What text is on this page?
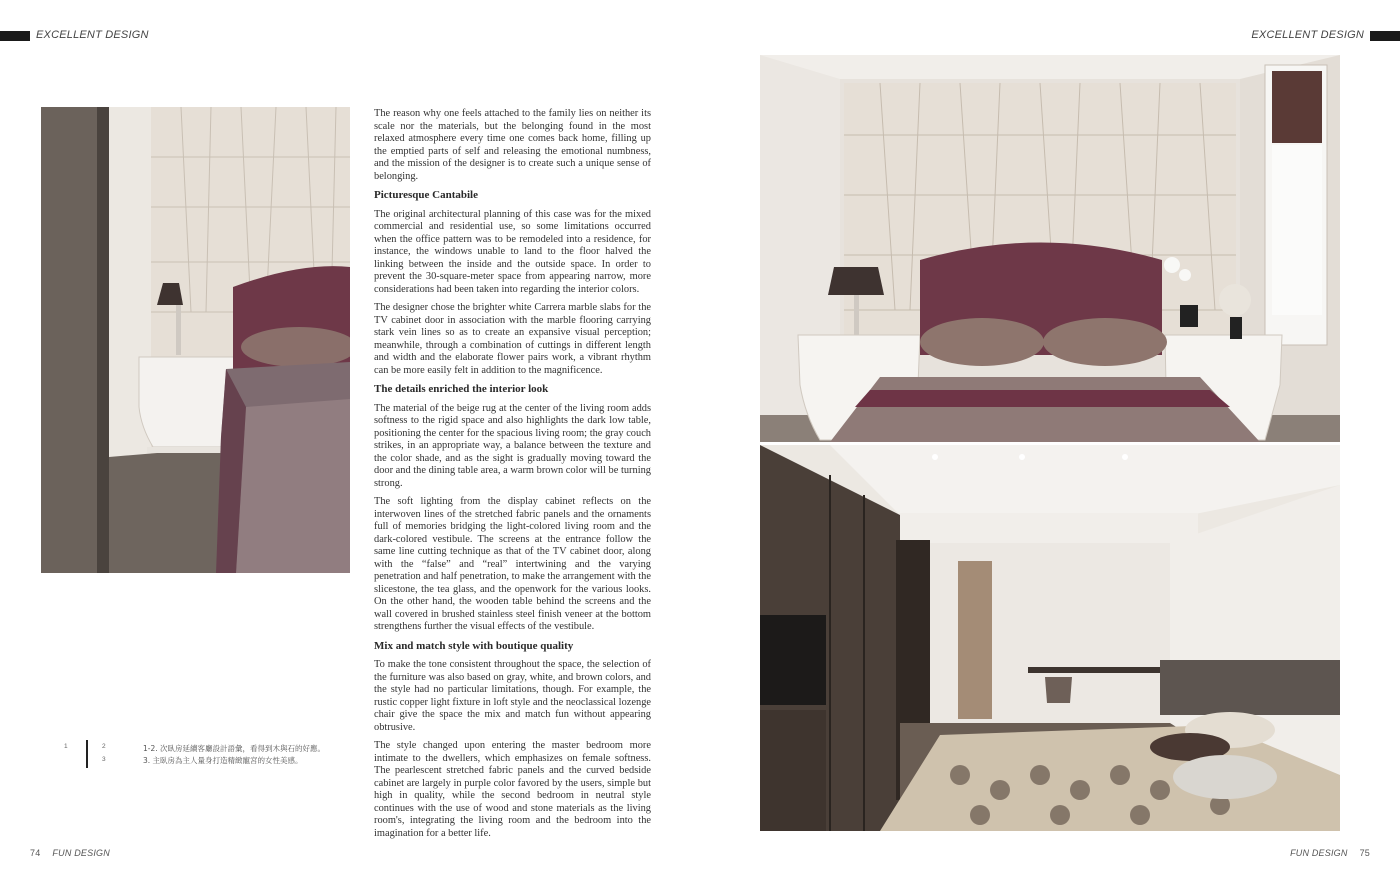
EXCELLENT DESIGN	EXCELLENT DESIGN

The reason why one feels attached to the family lies on neither its scale nor the materials, but the belonging found in the most relaxed atmosphere every time one comes back home, filling up the emptied parts of self and releasing the emotional numbness, and the mission of the designer is to create such a unique sense of belonging.

Picturesque Cantabile

The original architectural planning of this case was for the mixed commercial and residential use, so some limitations occurred when the office pattern was to be remodeled into a residence, for instance, the windows unable to land to the floor halved the linking between the inside and the outside space. In order to prevent the 30-square-meter space from appearing narrow, more considerations had been taken into regarding the interior colors.

The designer chose the brighter white Carrera marble slabs for the TV cabinet door in association with the marble flooring carrying stark vein lines so as to create an expansive visual perception; meanwhile, through a combination of cuttings in different length and width and the elaborate flower pairs work, a vibrant rhythm can be more easily felt in addition to the magnificence.

The details enriched the interior look

The material of the beige rug at the center of the living room adds softness to the rigid space and also highlights the dark low table, positioning the center for the spacious living room; the gray couch strikes, in an appropriate way, a balance between the texture and the color shade, and as the sight is gradually moving toward the door and the dining table area, a warm brown color will be turning strong.

The soft lighting from the display cabinet reflects on the interwoven lines of the stretched fabric panels and the ornaments full of memories bridging the light-colored living room and the dark-colored vestibule. The screens at the entrance follow the same line cutting technique as that of the TV cabinet door, along with the “false” and “real” intertwining and the varying penetration and half penetration, to make the arrangement with the slicestone, the tea glass, and the openwork for the various looks. On the other hand, the wooden table behind the screens and the wall covered in brushed stainless steel finish veneer at the bottom strengthens further the visual effects of the vestibule.

Mix and match style with boutique quality

To make the tone consistent throughout the space, the selection of the furniture was also based on gray, white, and brown colors, and the style had no particular limitations, though. For example, the rustic copper light fixture in loft style and the neoclassical lozenge chair give the space the mix and match fun without appearing obtrusive.

The style changed upon entering the master bedroom more intimate to the dwellers, which emphasizes on female softness. The pearlescent stretched fabric panels and the curved bedside cabinet are largely in purple color favored by the users, simple but high in quality, while the second bedroom in neutral style continues with the use of wood and stone materials as the living room's, integrating the living room and the bedroom into the imagination for a better life.

1	2
3
1-2. 次臥房延續客廳設計語彙，看得到木與石的好應。
3. 主臥房為主人量身打造精緻寵宮的女性美感。
74 FUN DESIGN	FUN DESIGN 75
